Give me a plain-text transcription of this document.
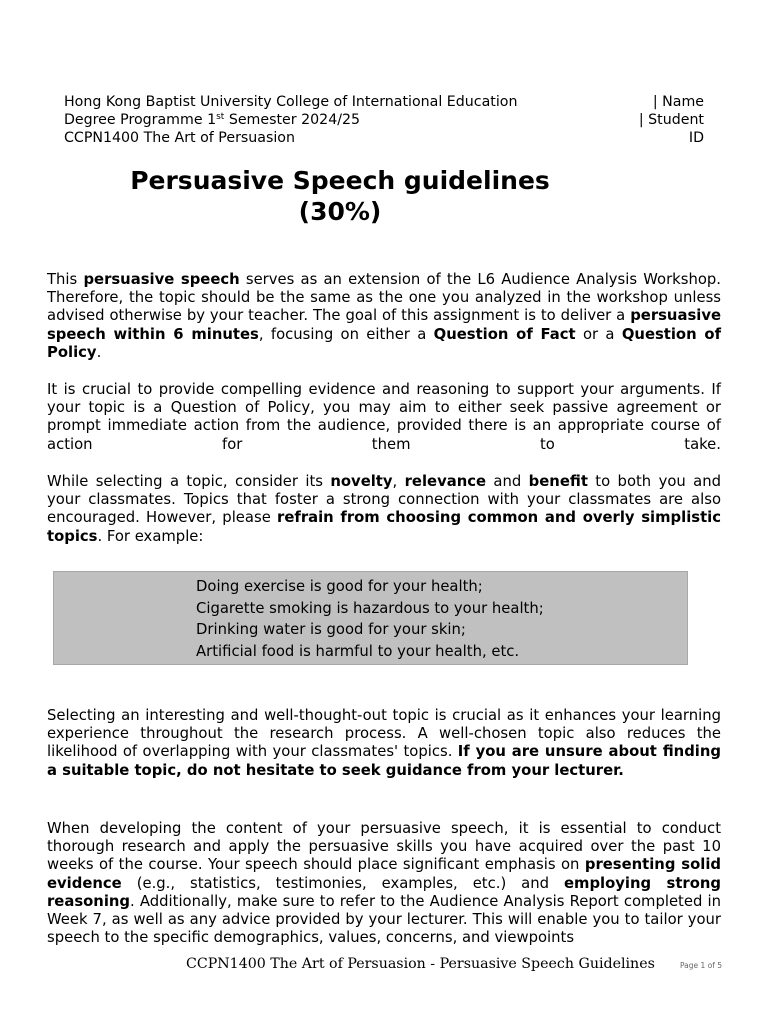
Hong Kong Baptist University College of International Education	| Name
Degree Programme 1st Semester 2024/25	| Student
CCPN1400 The Art of Persuasion	ID
Persuasive Speech guidelines
(30%)

This persuasive speech serves as an extension of the L6 Audience Analysis Workshop. Therefore, the topic should be the same as the one you analyzed in the workshop unless advised otherwise by your teacher. The goal of this assignment is to deliver a persuasive speech within 6 minutes, focusing on either a Question of Fact or a Question of Policy.

It is crucial to provide compelling evidence and reasoning to support your arguments. If your topic is a Question of Policy, you may aim to either seek passive agreement or prompt immediate action from the audience, provided there is an appropriate course of action for them to take.

While selecting a topic, consider its novelty, relevance and benefit to both you and your classmates. Topics that foster a strong connection with your classmates are also encouraged. However, please refrain from choosing common and overly simplistic topics. For example:

Doing exercise is good for your health;
Cigarette smoking is hazardous to your health;
Drinking water is good for your skin;
Artificial food is harmful to your health, etc.

Selecting an interesting and well-thought-out topic is crucial as it enhances your learning experience throughout the research process. A well-chosen topic also reduces the likelihood of overlapping with your classmates' topics. If you are unsure about finding a suitable topic, do not hesitate to seek guidance from your lecturer.

When developing the content of your persuasive speech, it is essential to conduct thorough research and apply the persuasive skills you have acquired over the past 10 weeks of the course. Your speech should place significant emphasis on presenting solid evidence (e.g., statistics, testimonies, examples, etc.) and employing strong reasoning. Additionally, make sure to refer to the Audience Analysis Report completed in Week 7, as well as any advice provided by your lecturer. This will enable you to tailor your speech to the specific demographics, values, concerns, and viewpoints

CCPN1400 The Art of Persuasion - Persuasive Speech Guidelines	Page 1 of 5
